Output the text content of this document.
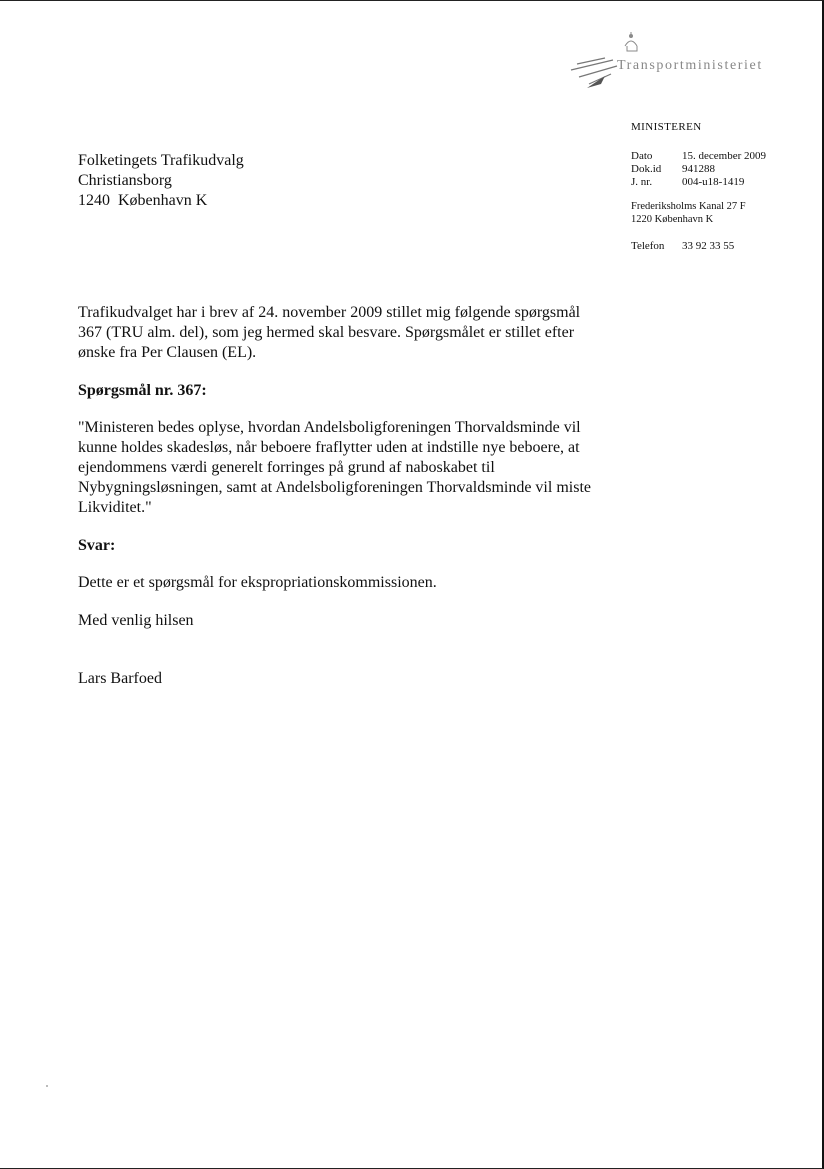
Transportministeriet
MINISTEREN
Dato	15. december 2009
Dok.id	941288
J. nr.	004-u18-1419
Frederiksholms Kanal 27 F
1220 København K
Telefon	33 92 33 55
Folketingets Trafikudvalg
Christiansborg
1240  København K

Trafikudvalget har i brev af 24. november 2009 stillet mig følgende spørgsmål 367 (TRU alm. del), som jeg hermed skal besvare. Spørgsmålet er stillet efter ønske fra Per Clausen (EL).

Spørgsmål nr. 367:

"Ministeren bedes oplyse, hvordan Andelsboligforeningen Thorvaldsminde vil kunne holdes skadesløs, når beboere fraflytter uden at indstille nye beboere, at ejendommens værdi generelt forringes på grund af naboskabet til Nybygningsløsningen, samt at Andelsboligforeningen Thorvaldsminde vil miste Likviditet."

Svar:

Dette er et spørgsmål for ekspropriationskommissionen.

Med venlig hilsen

Lars Barfoed
